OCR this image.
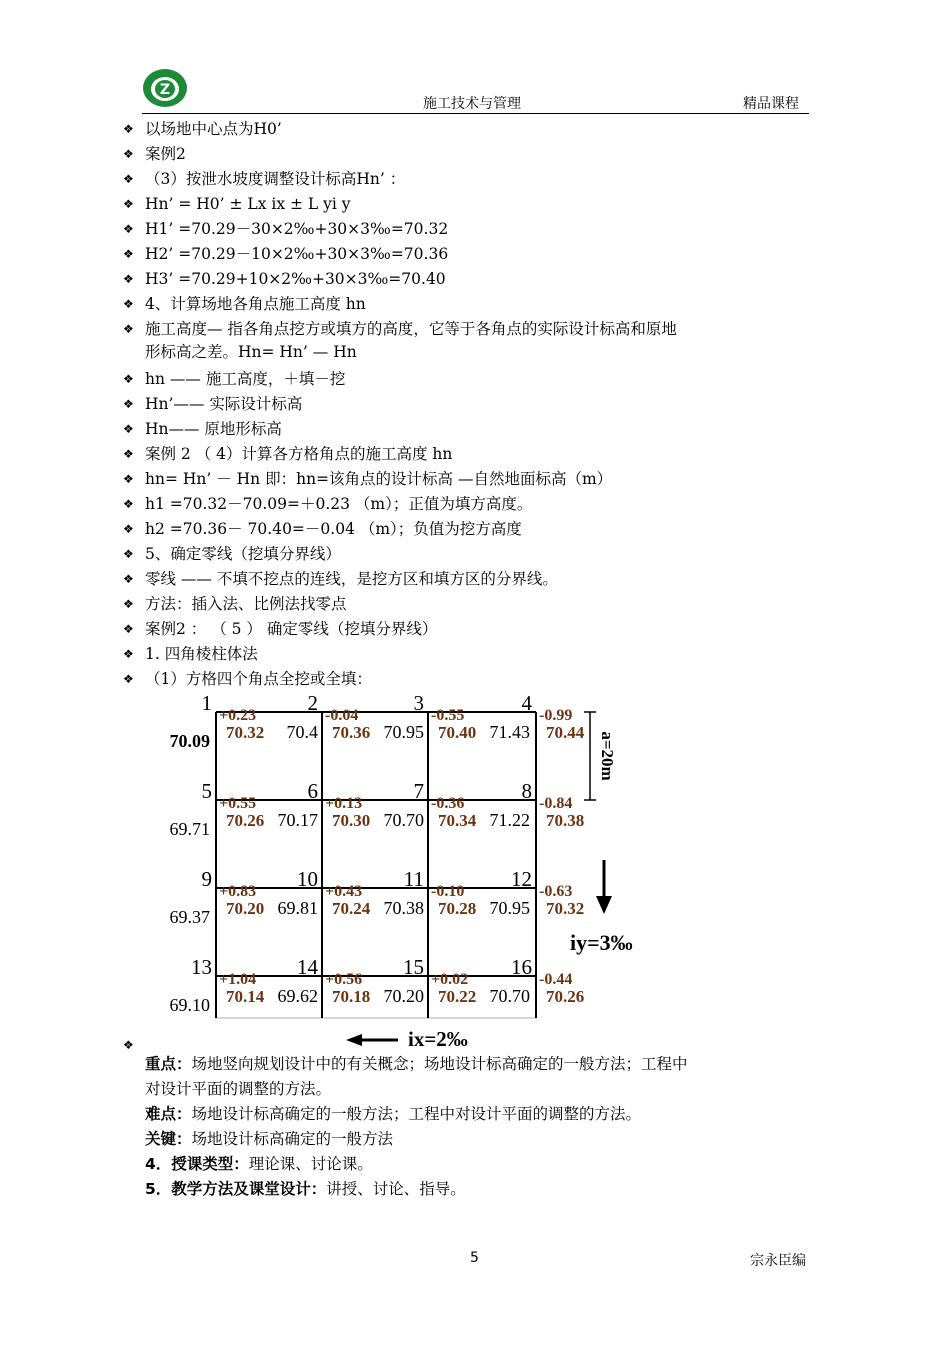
Z
施工技术与管理	精品课程
❖ 以场地中心点为H0’
❖ 案例2
❖ （3）按泄水坡度调整设计标高Hn’ ：
❖ Hn’ = H0’ ± Lx ix ± L yi y
❖ H1’ =70.29－30×2‰+30×3‰=70.32
❖ H2’ =70.29－10×2‰+30×3‰=70.36
❖ H3’ =70.29+10×2‰+30×3‰=70.40
❖ 4、计算场地各角点施工高度 hn
❖ 施工高度— 指各角点挖方或填方的高度，它等于各角点的实际设计标高和原地
❖ hn —— 施工高度，＋填－挖
❖ Hn’—— 实际设计标高
❖ Hn—— 原地形标高
❖ 案例 2 （ 4）计算各方格角点的施工高度 hn
❖ hn= Hn’ － Hn 即：hn=该角点的设计标高 —自然地面标高（m）
❖ h1 =70.32－70.09=＋0.23 （m）；正值为填方高度。
❖ h2 =70.36－ 70.40=－0.04 （m）；负值为挖方高度
❖ 5、确定零线（挖填分界线）
❖ 零线 —— 不填不挖点的连线，是挖方区和填方区的分界线。
❖ 方法：插入法、比例法找零点
❖ 案例2 ： （ 5 ） 确定零线（挖填分界线）
❖ 1. 四角棱柱体法
❖ （1）方格四个角点全挖或全填：
❖
形标高之差。Hn= Hn’ — Hn
70.09
1
+0.23
70.32 70.4
2
-0.04
70.36 70.95
3
-0.55
70.40 71.43
4
-0.99
70.44
69.71
5
+0.55
70.26 70.17
6
+0.13
70.30 70.70
7
-0.36
70.34 71.22
8
-0.84
70.38
69.37
9
+0.83
70.20 69.81
10
+0.43
70.24 70.38
11
-0.10
70.28 70.95
12
-0.63
70.32
69.10
13
+1.04
70.14 69.62
14
+0.56
70.18 70.20
15
+0.02
70.22 70.70
16
-0.44
70.26
a=20m
iy=3‰
ix=2‰
重点：场地竖向规划设计中的有关概念；场地设计标高确定的一般方法；工程中
对设计平面的调整的方法。
难点：场地设计标高确定的一般方法；工程中对设计平面的调整的方法。
关键：场地设计标高确定的一般方法
4．授课类型：理论课、讨论课。
5．教学方法及课堂设计：讲授、讨论、指导。
5	宗永臣编
